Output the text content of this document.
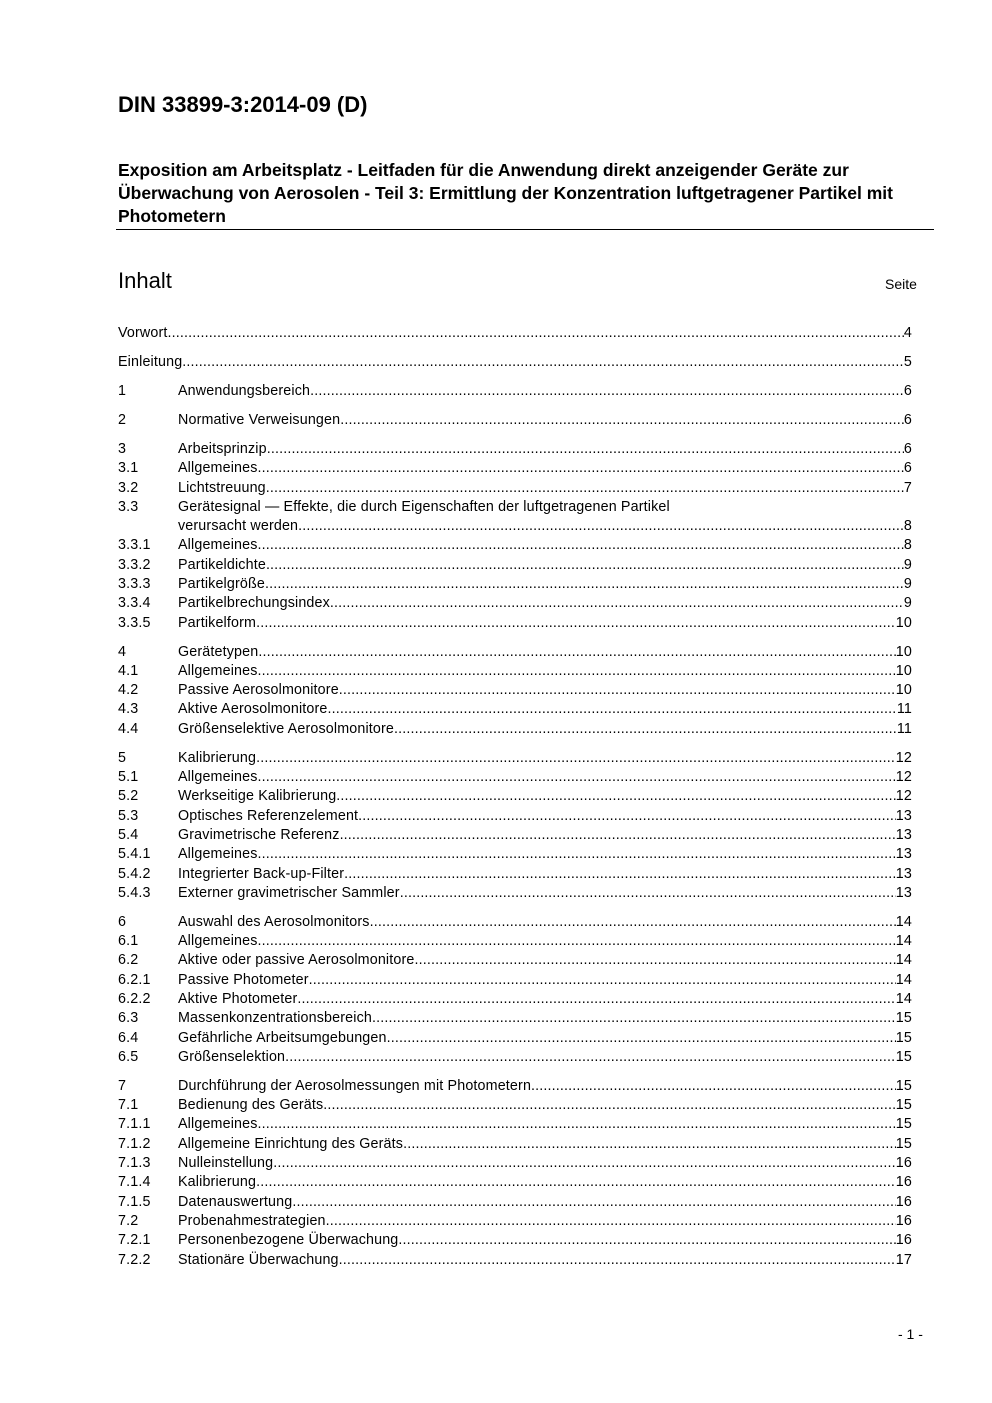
DIN 33899-3:2014-09 (D)
Exposition am Arbeitsplatz - Leitfaden für die Anwendung direkt anzeigender Geräte zur Überwachung von Aerosolen - Teil 3: Ermittlung der Konzentration luftgetragener Partikel mit Photometern
Inhalt	Seite
Vorwort .....	4
Einleitung .....	5
1	Anwendungsbereich .....	6
2	Normative Verweisungen .....	6
3	Arbeitsprinzip .....	6
3.1	Allgemeines .....	6
3.2	Lichtstreuung .....	7
3.3	Gerätesignal — Effekte, die durch Eigenschaften der luftgetragenen Partikel
verursacht werden .....	8
3.3.1	Allgemeines .....	8
3.3.2	Partikeldichte .....	9
3.3.3	Partikelgröße .....	9
3.3.4	Partikelbrechungsindex .....	9
3.3.5	Partikelform .....	10
4	Gerätetypen .....	10
4.1	Allgemeines .....	10
4.2	Passive Aerosolmonitore .....	10
4.3	Aktive Aerosolmonitore .....	11
4.4	Größenselektive Aerosolmonitore .....	11
5	Kalibrierung .....	12
5.1	Allgemeines .....	12
5.2	Werkseitige Kalibrierung .....	12
5.3	Optisches Referenzelement .....	13
5.4	Gravimetrische Referenz .....	13
5.4.1	Allgemeines .....	13
5.4.2	Integrierter Back-up-Filter .....	13
5.4.3	Externer gravimetrischer Sammler .....	13
6	Auswahl des Aerosolmonitors .....	14
6.1	Allgemeines .....	14
6.2	Aktive oder passive Aerosolmonitore .....	14
6.2.1	Passive Photometer .....	14
6.2.2	Aktive Photometer .....	14
6.3	Massenkonzentrationsbereich .....	15
6.4	Gefährliche Arbeitsumgebungen .....	15
6.5	Größenselektion .....	15
7	Durchführung der Aerosolmessungen mit Photometern .....	15
7.1	Bedienung des Geräts .....	15
7.1.1	Allgemeines .....	15
7.1.2	Allgemeine Einrichtung des Geräts .....	15
7.1.3	Nulleinstellung .....	16
7.1.4	Kalibrierung .....	16
7.1.5	Datenauswertung .....	16
7.2	Probenahmestrategien .....	16
7.2.1	Personenbezogene Überwachung .....	16
7.2.2	Stationäre Überwachung .....	17
- 1 -
